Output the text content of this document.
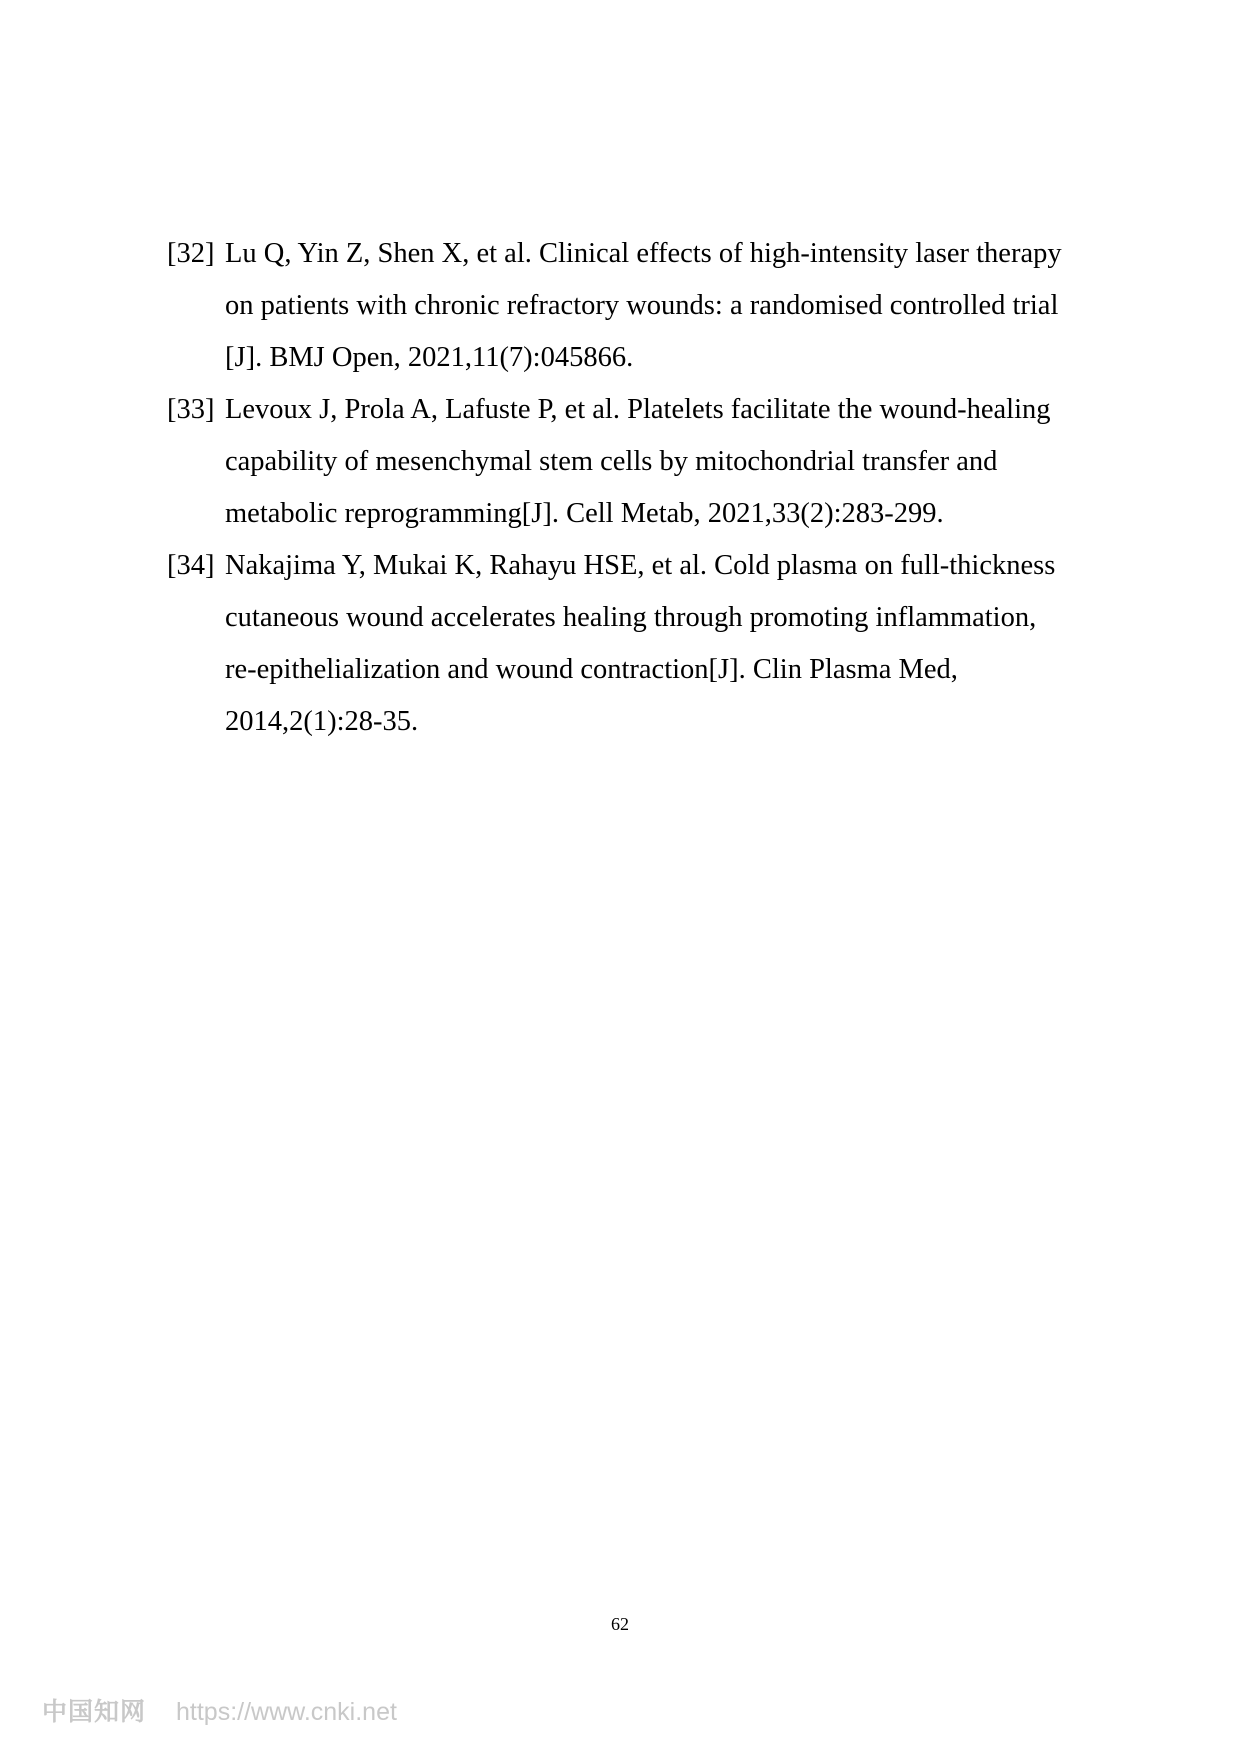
[32] Lu Q, Yin Z, Shen X, et al. Clinical effects of high-intensity laser therapy
on patients with chronic refractory wounds: a randomised controlled trial
[J]. BMJ Open, 2021,11(7):045866.
[33] Levoux J, Prola A, Lafuste P, et al. Platelets facilitate the wound-healing
capability of mesenchymal stem cells by mitochondrial transfer and
metabolic reprogramming[J]. Cell Metab, 2021,33(2):283-299.
[34] Nakajima Y, Mukai K, Rahayu HSE, et al. Cold plasma on full-thickness
cutaneous wound accelerates healing through promoting inflammation,
re-epithelialization and wound contraction[J]. Clin Plasma Med,
2014,2(1):28-35.
62
中国知网 https://www.cnki.net
